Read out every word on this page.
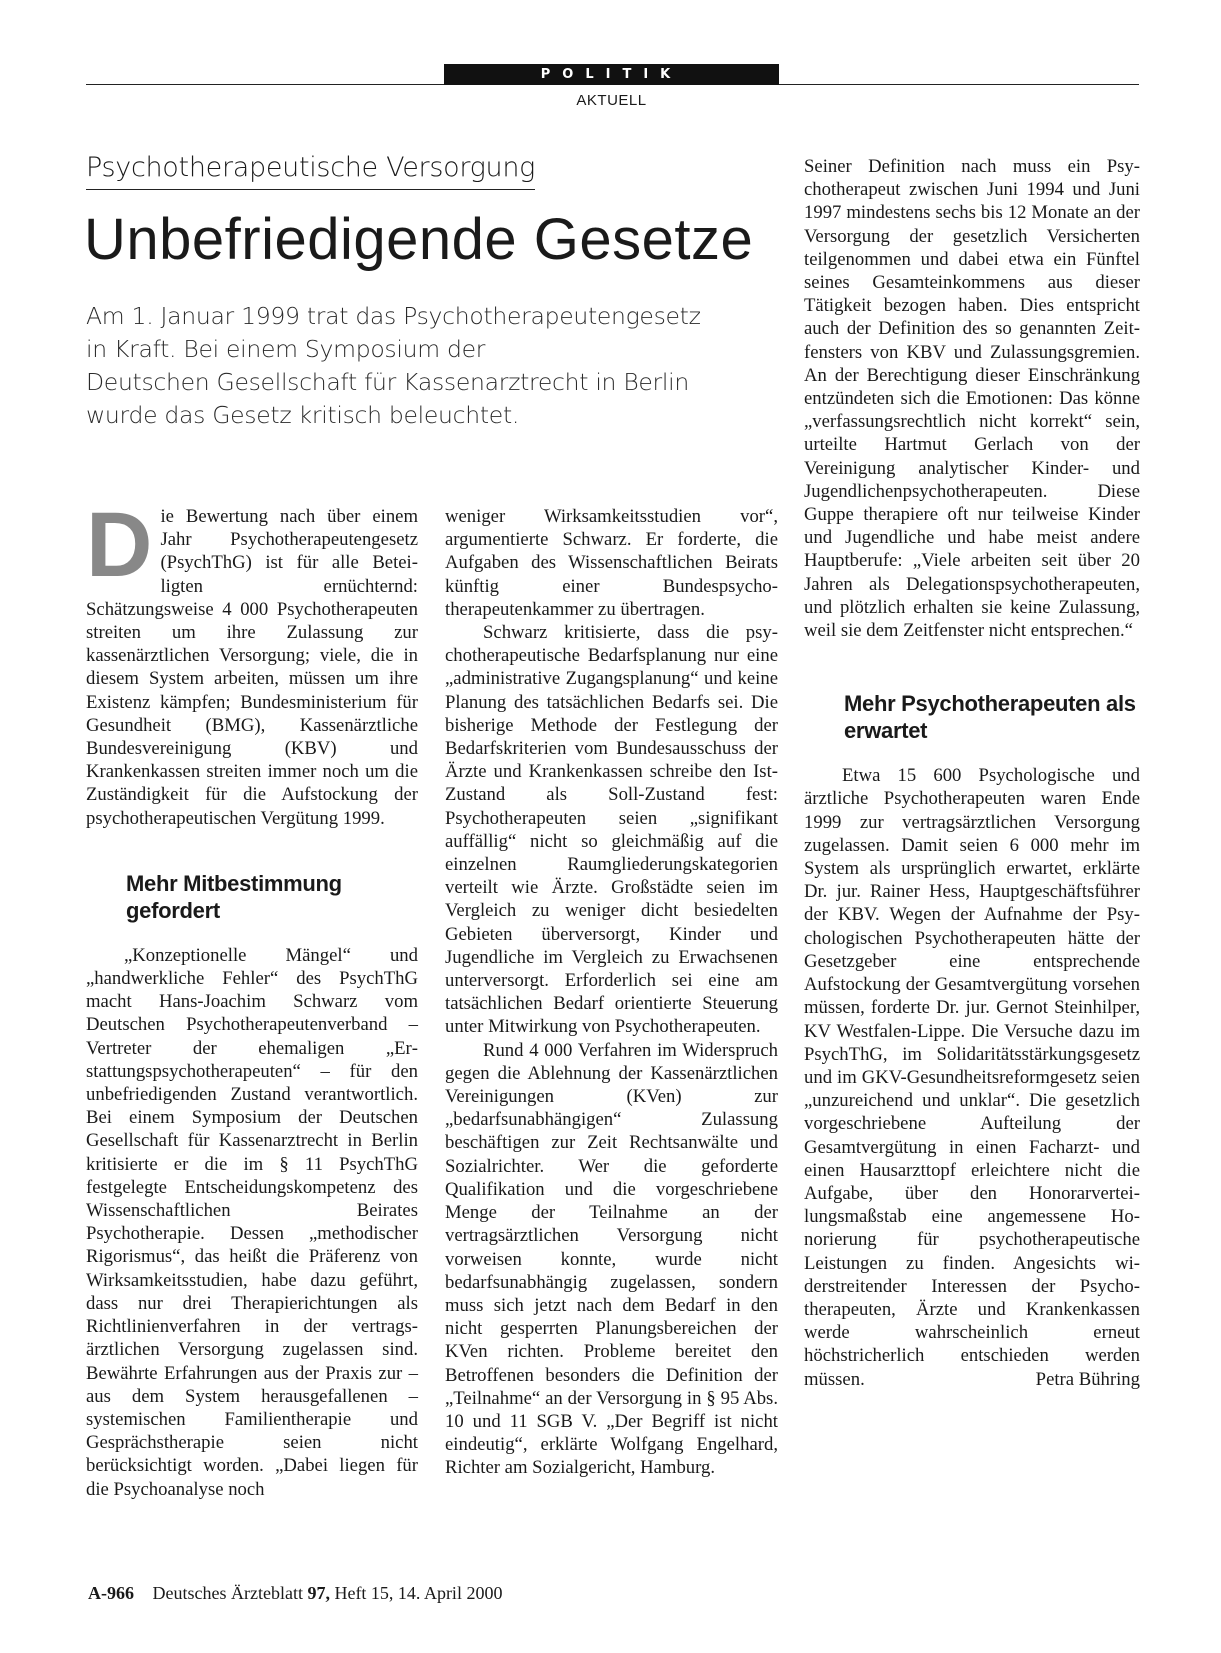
POLITIK
AKTUELL
Psychotherapeutische Versorgung
Unbefriedigende Gesetze
Am 1. Januar 1999 trat das Psychotherapeutengesetz
in Kraft. Bei einem Symposium der
Deutschen Gesellschaft für Kassenarztrecht in Berlin
wurde das Gesetz kritisch beleuchtet.

Die Bewertung nach über einem Jahr Psychotherapeutengesetz (PsychThG) ist für alle Beteiligten ernüchternd: Schätzungsweise 4 000 Psychotherapeuten streiten um ihre Zulassung zur kassenärztlichen Versorgung; viele, die in diesem System arbeiten, müssen um ihre Existenz kämpfen; Bundesministerium für Gesundheit (BMG), Kassenärztliche Bundesvereinigung (KBV) und Krankenkassen streiten immer noch um die Zuständigkeit für die Aufstockung der psychotherapeutischen Vergütung 1999.

Mehr Mitbestimmung gefordert

„Konzeptionelle Mängel“ und „handwerkliche Fehler“ des PsychThG macht Hans-Joachim Schwarz vom Deutschen Psychotherapeutenverband – Vertreter der ehemaligen „Erstattungspsychotherapeuten“ – für den unbefriedigenden Zustand verantwortlich. Bei einem Symposium der Deutschen Gesellschaft für Kassenarztrecht in Berlin kritisierte er die im § 11 PsychThG festgelegte Entscheidungskompetenz des Wissenschaftlichen Beirates Psychotherapie. Dessen „methodischer Rigorismus“, das heißt die Präferenz von Wirksamkeitsstudien, habe dazu geführt, dass nur drei Therapierichtungen als Richtlinienverfahren in der vertragsärztlichen Versorgung zugelassen sind. Bewährte Erfahrungen aus der Praxis zur – aus dem System herausgefallenen – systemischen Familientherapie und Gesprächstherapie seien nicht berücksichtigt worden. „Dabei liegen für die Psychoanalyse noch

weniger Wirksamkeitsstudien vor“, argumentierte Schwarz. Er forderte, die Aufgaben des Wissenschaftlichen Beirats künftig einer Bundespsychotherapeutenkammer zu übertragen.

Schwarz kritisierte, dass die psychotherapeutische Bedarfsplanung nur eine „administrative Zugangsplanung“ und keine Planung des tatsächlichen Bedarfs sei. Die bisherige Methode der Festlegung der Bedarfskriterien vom Bundesausschuss der Ärzte und Krankenkassen schreibe den Ist-Zustand als Soll-Zustand fest: Psychotherapeuten seien „signifikant auffällig“ nicht so gleichmäßig auf die einzelnen Raumgliederungskategorien verteilt wie Ärzte. Großstädte seien im Vergleich zu weniger dicht besiedelten Gebieten überversorgt, Kinder und Jugendliche im Vergleich zu Erwachsenen unterversorgt. Erforderlich sei eine am tatsächlichen Bedarf orientierte Steuerung unter Mitwirkung von Psychotherapeuten.

Rund 4 000 Verfahren im Widerspruch gegen die Ablehnung der Kassenärztlichen Vereinigungen (KVen) zur „bedarfsunabhängigen“ Zulassung beschäftigen zur Zeit Rechtsanwälte und Sozialrichter. Wer die geforderte Qualifikation und die vorgeschriebene Menge der Teilnahme an der vertragsärztlichen Versorgung nicht vorweisen konnte, wurde nicht bedarfsunabhängig zugelassen, sondern muss sich jetzt nach dem Bedarf in den nicht gesperrten Planungsbereichen der KVen richten. Probleme bereitet den Betroffenen besonders die Definition der „Teilnahme“ an der Versorgung in § 95 Abs. 10 und 11 SGB V. „Der Begriff ist nicht eindeutig“, erklärte Wolfgang Engelhard, Richter am Sozialgericht, Hamburg.

Seiner Definition nach muss ein Psychotherapeut zwischen Juni 1994 und Juni 1997 mindestens sechs bis 12 Monate an der Versorgung der gesetzlich Versicherten teilgenommen und dabei etwa ein Fünftel seines Gesamteinkommens aus dieser Tätigkeit bezogen haben. Dies entspricht auch der Definition des so genannten Zeitfensters von KBV und Zulassungsgremien. An der Berechtigung dieser Einschränkung entzündeten sich die Emotionen: Das könne „verfassungsrechtlich nicht korrekt“ sein, urteilte Hartmut Gerlach von der Vereinigung analytischer Kinder- und Jugendlichenpsychotherapeuten. Diese Guppe therapiere oft nur teilweise Kinder und Jugendliche und habe meist andere Hauptberufe: „Viele arbeiten seit über 20 Jahren als Delegationspsychotherapeuten, und plötzlich erhalten sie keine Zulassung, weil sie dem Zeitfenster nicht entsprechen.“

Mehr Psychotherapeuten als erwartet

Etwa 15 600 Psychologische und ärztliche Psychotherapeuten waren Ende 1999 zur vertragsärztlichen Versorgung zugelassen. Damit seien 6 000 mehr im System als ursprünglich erwartet, erklärte Dr. jur. Rainer Hess, Hauptgeschäftsführer der KBV. Wegen der Aufnahme der Psychologischen Psychotherapeuten hätte der Gesetzgeber eine entsprechende Aufstockung der Gesamtvergütung vorsehen müssen, forderte Dr. jur. Gernot Steinhilper, KV Westfalen-Lippe. Die Versuche dazu im PsychThG, im Solidaritätsstärkungsgesetz und im GKV-Gesundheitsreformgesetz seien „unzureichend und unklar“. Die gesetzlich vorgeschriebene Aufteilung der Gesamtvergütung in einen Facharzt- und einen Hausarzttopf erleichtere nicht die Aufgabe, über den Honorarverteilungsmaßstab eine angemessene Honorierung für psychotherapeutische Leistungen zu finden. Angesichts widerstreitender Interessen der Psychotherapeuten, Ärzte und Krankenkassen werde wahrscheinlich erneut höchstricherlich entschieden werden müssen.	Petra Bühring

A-966 Deutsches Ärzteblatt 97, Heft 15, 14. April 2000
